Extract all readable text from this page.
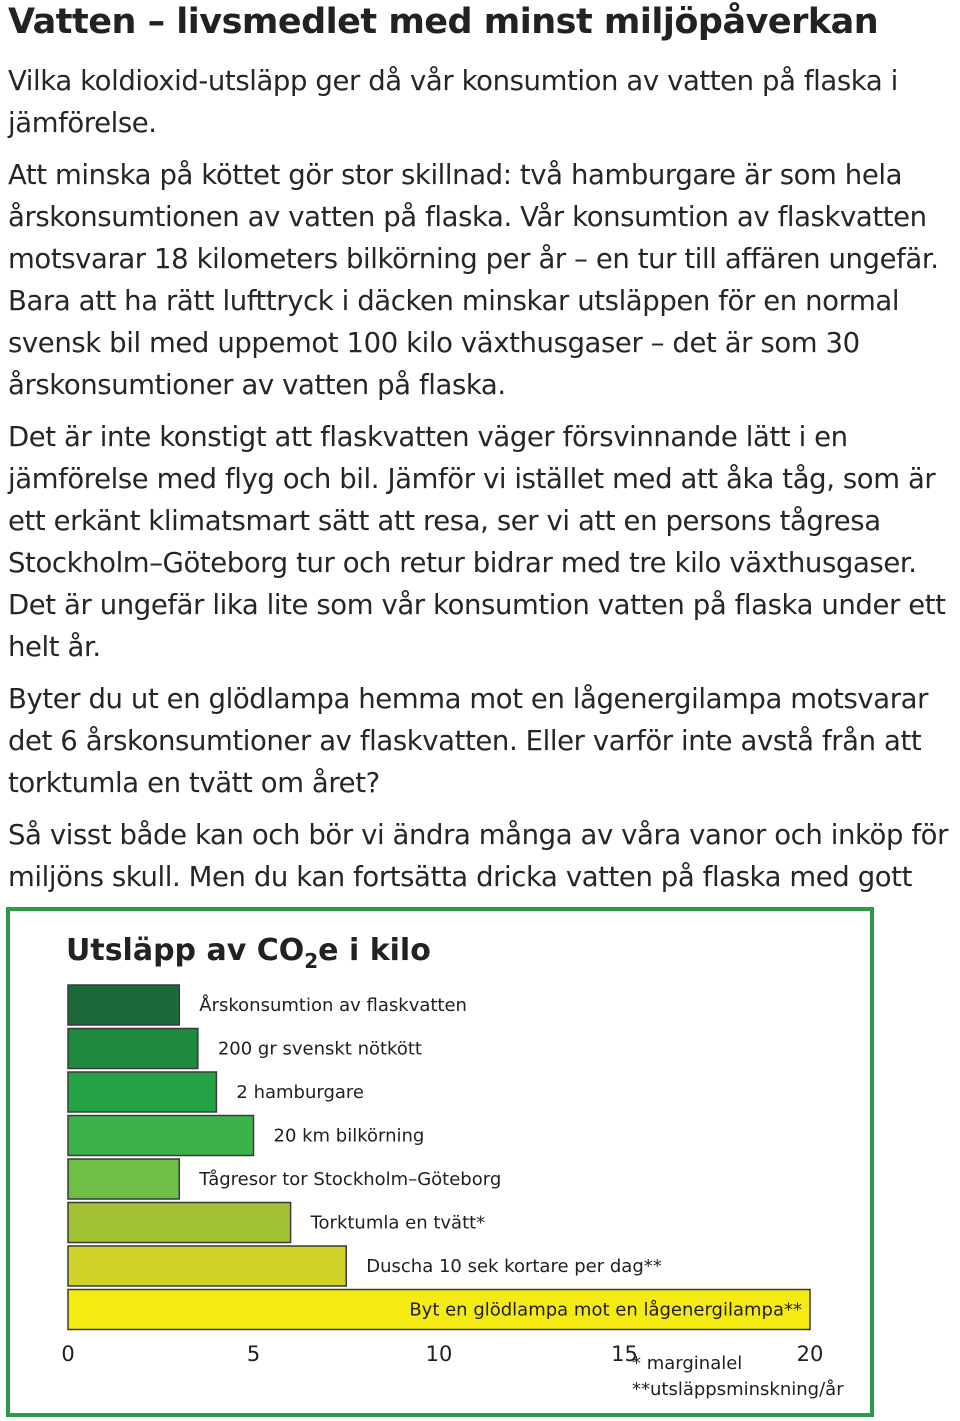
Vatten – livsmedlet med minst miljöpåverkan

Vilka koldioxid-utsläpp ger då vår konsumtion av vatten på flaska i jämförelse.

Att minska på köttet gör stor skillnad: två hamburgare är som hela årskonsumtionen av vatten på flaska. Vår konsumtion av flaskvatten motsvarar 18 kilometers bilkörning per år – en tur till affären ungefär. Bara att ha rätt lufttryck i däcken minskar utsläppen för en normal svensk bil med uppemot 100 kilo växthusgaser – det är som 30 årskonsumtioner av vatten på flaska.

Det är inte konstigt att flaskvatten väger försvinnande lätt i en jämförelse med flyg och bil. Jämför vi istället med att åka tåg, som är ett erkänt klimatsmart sätt att resa, ser vi att en persons tågresa Stockholm–Göteborg tur och retur bidrar med tre kilo växthusgaser. Det är ungefär lika lite som vår konsumtion vatten på flaska under ett helt år.

Byter du ut en glödlampa hemma mot en lågenergilampa motsvarar det 6 årskonsumtioner av flaskvatten. Eller varför inte avstå från att torktumla en tvätt om året?

Så visst både kan och bör vi ändra många av våra vanor och inköp för miljöns skull. Men du kan fortsätta dricka vatten på flaska med gott

Utsläpp av $CO_2e$ i kilo
Årskonsumtion av flaskvatten
200 gr svenskt nötkött
2 hamburgare
20 km bilkörning
Tågresor tor Stockholm–Göteborg
Torktumla en tvätt*
Duscha 10 sek kortare per dag**
Byt en glödlampa mot en lågenergilampa**
0	5	10	15	20
* marginalel
**utsläppsminskning/år
